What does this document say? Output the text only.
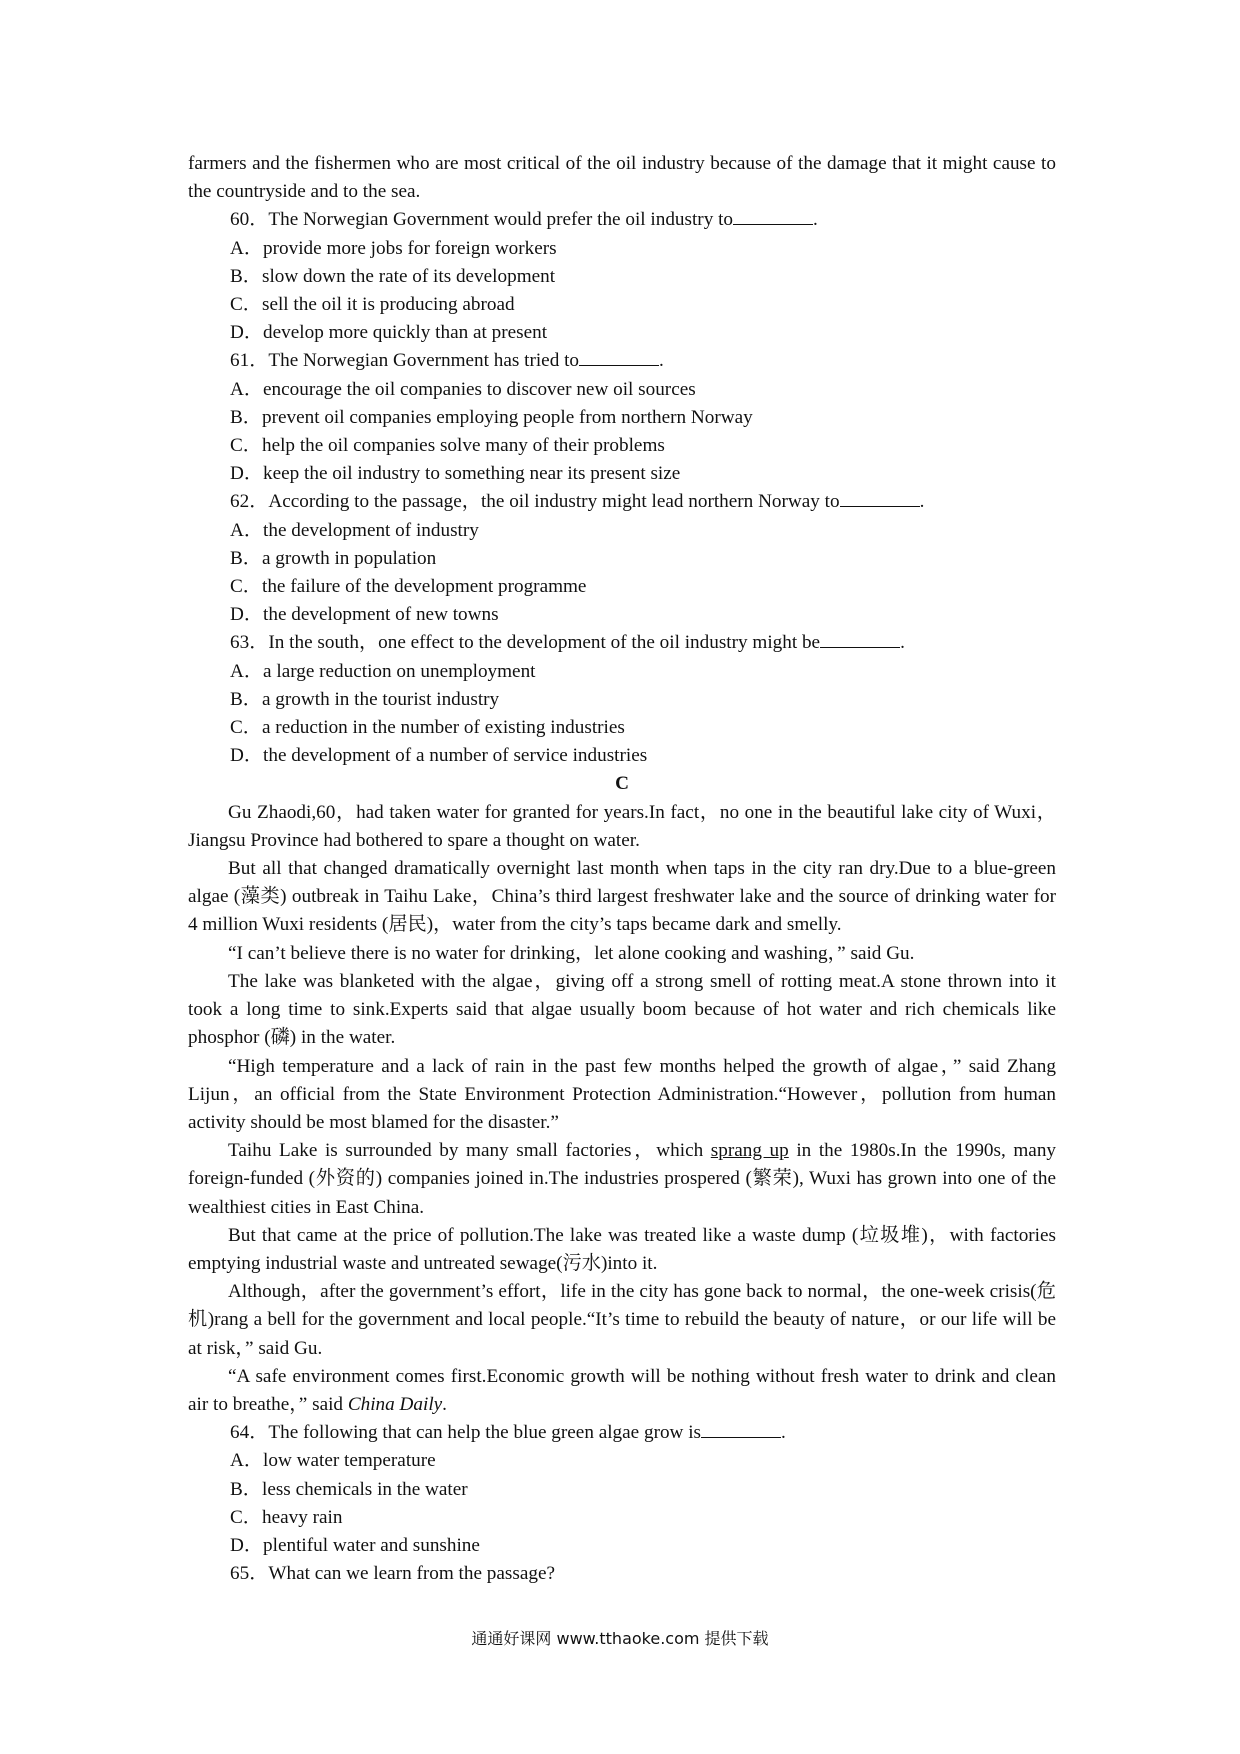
farmers and the fishermen who are most critical of the oil industry because of the damage that it might cause to the countryside and to the sea.

60．The Norwegian Government would prefer the oil industry to	.

A．provide more jobs for foreign workers

B．slow down the rate of its development

C．sell the oil it is producing abroad

D．develop more quickly than at present

61．The Norwegian Government has tried to	.

A．encourage the oil companies to discover new oil sources

B．prevent oil companies employing people from northern Norway

C．help the oil companies solve many of their problems

D．keep the oil industry to something near its present size

62．According to the passage，the oil industry might lead northern Norway to	.

A．the development of industry

B．a growth in population

C．the failure of the development programme

D．the development of new towns

63．In the south，one effect to the development of the oil industry might be	.

A．a large reduction on unemployment

B．a growth in the tourist industry

C．a reduction in the number of existing industries

D．the development of a number of service industries

C

Gu Zhaodi,60，had taken water for granted for years.In fact，no one in the beautiful lake city of Wuxi，Jiangsu Province had bothered to spare a thought on water.

But all that changed dramatically overnight last month when taps in the city ran dry.Due to a blue-green algae (藻类) outbreak in Taihu Lake，China’s third largest freshwater lake and the source of drinking water for 4 million Wuxi residents (居民)，water from the city’s taps became dark and smelly.

“I can’t believe there is no water for drinking，let alone cooking and washing，” said Gu.

The lake was blanketed with the algae，giving off a strong smell of rotting meat.A stone thrown into it took a long time to sink.Experts said that algae usually boom because of hot water and rich chemicals like phosphor (磷) in the water.

“High temperature and a lack of rain in the past few months helped the growth of algae，” said Zhang Lijun，an official from the State Environment Protection Administration.“However，pollution from human activity should be most blamed for the disaster.”

Taihu Lake is surrounded by many small factories，which sprang up in the 1980s.In the 1990s, many foreign-funded (外资的) companies joined in.The industries prospered (繁荣), Wuxi has grown into one of the wealthiest cities in East China.

But that came at the price of pollution.The lake was treated like a waste dump (垃圾堆)，with factories emptying industrial waste and untreated sewage(污水)into it.

Although，after the government’s effort，life in the city has gone back to normal，the one-week crisis(危机)rang a bell for the government and local people.“It’s time to rebuild the beauty of nature，or our life will be at risk，” said Gu.

“A safe environment comes first.Economic growth will be nothing without fresh water to drink and clean air to breathe，” said China Daily.

64．The following that can help the blue green algae grow is	.

A．low water temperature

B．less chemicals in the water

C．heavy rain

D．plentiful water and sunshine

65．What can we learn from the passage?

通通好课网 www.tthaoke.com 提供下载
